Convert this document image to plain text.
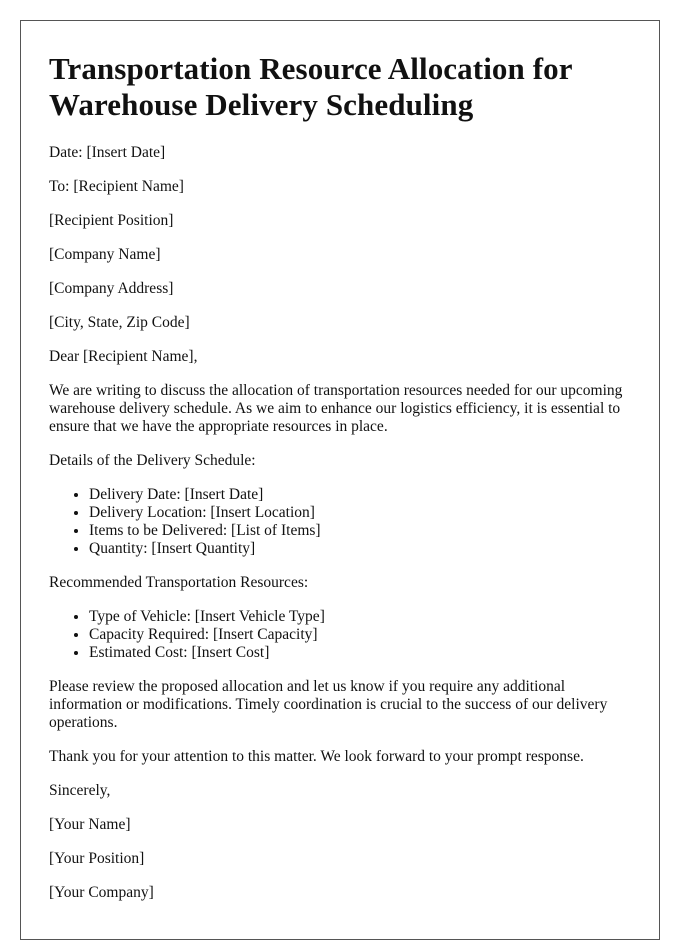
Transportation Resource Allocation for Warehouse Delivery Scheduling

Date: [Insert Date]

To: [Recipient Name]

[Recipient Position]

[Company Name]

[Company Address]

[City, State, Zip Code]

Dear [Recipient Name],

We are writing to discuss the allocation of transportation resources needed for our upcoming warehouse delivery schedule. As we aim to enhance our logistics efficiency, it is essential to ensure that we have the appropriate resources in place.

Details of the Delivery Schedule:

• Delivery Date: [Insert Date]
• Delivery Location: [Insert Location]
• Items to be Delivered: [List of Items]
• Quantity: [Insert Quantity]

Recommended Transportation Resources:

• Type of Vehicle: [Insert Vehicle Type]
• Capacity Required: [Insert Capacity]
• Estimated Cost: [Insert Cost]

Please review the proposed allocation and let us know if you require any additional information or modifications. Timely coordination is crucial to the success of our delivery operations.

Thank you for your attention to this matter. We look forward to your prompt response.

Sincerely,

[Your Name]

[Your Position]

[Your Company]
